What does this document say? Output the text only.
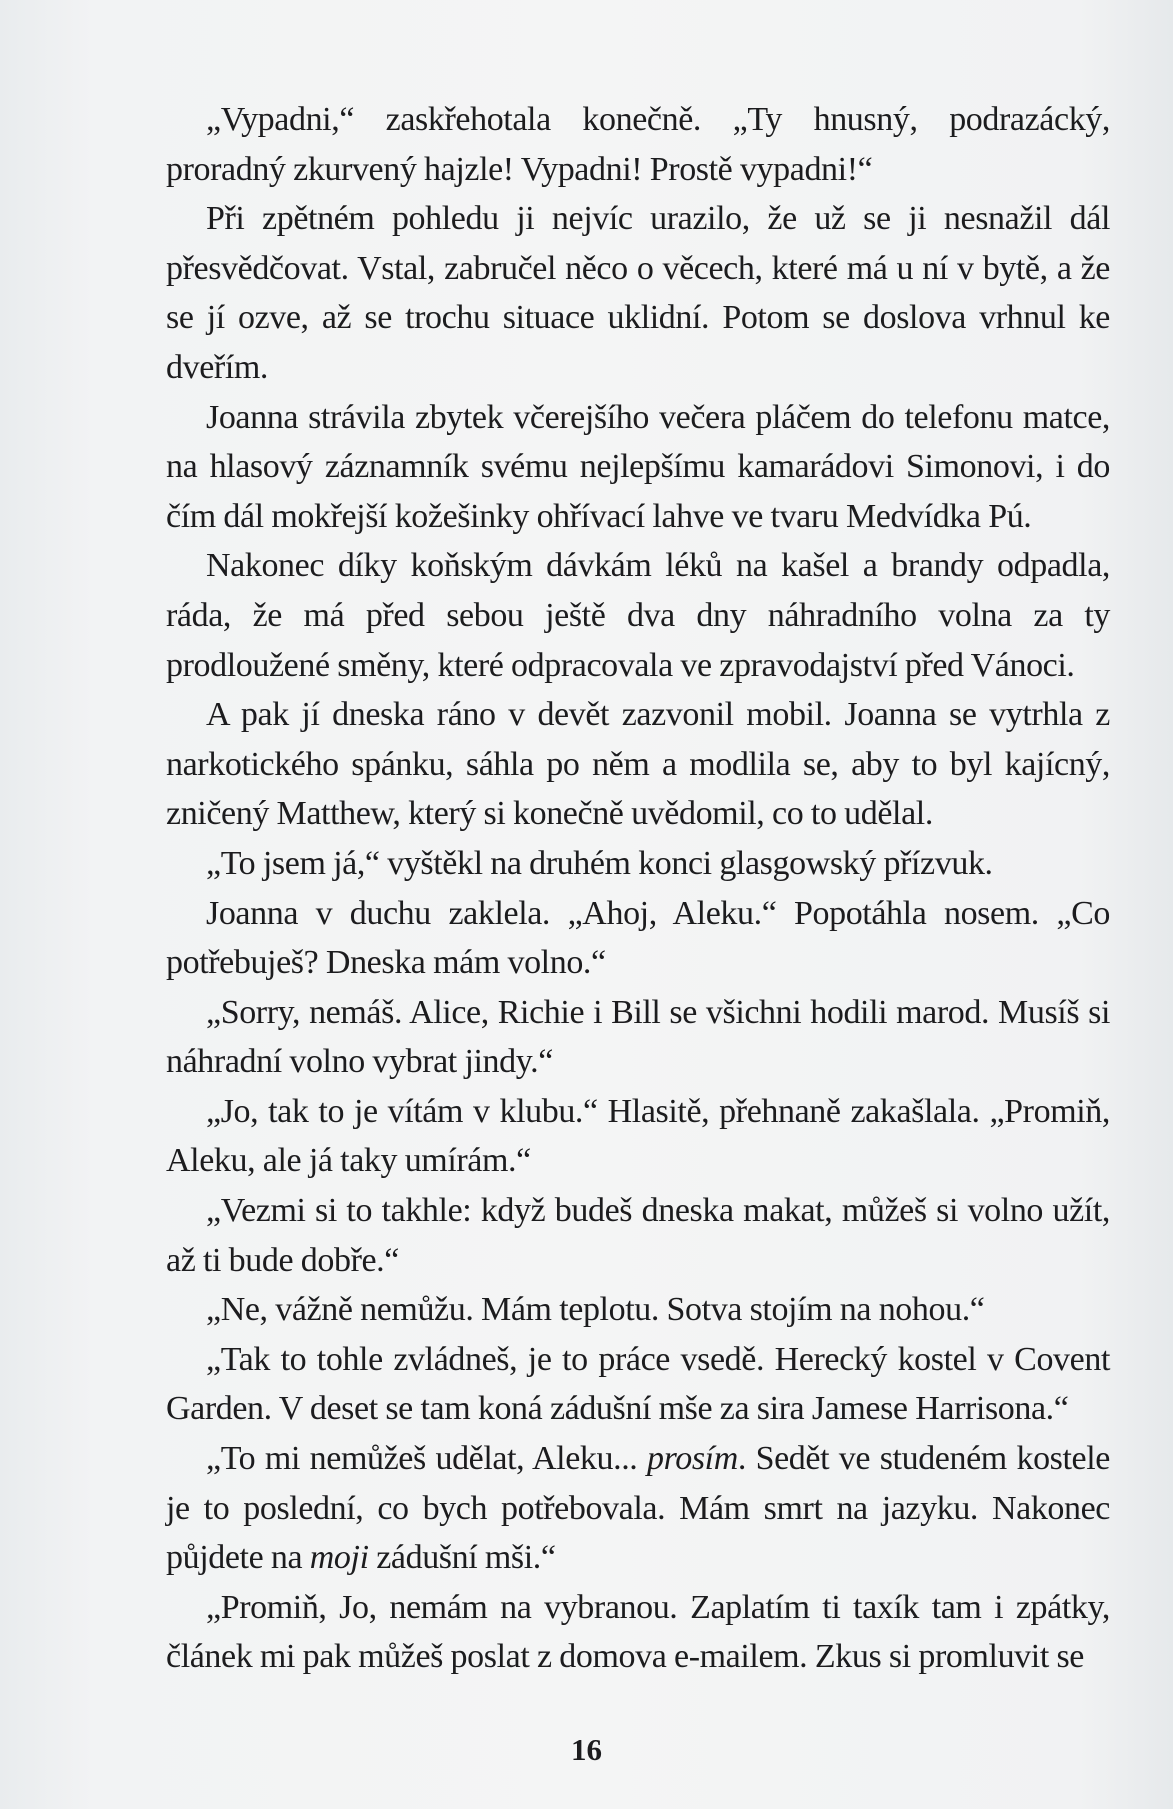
„Vypadni,“ zaskřehotala konečně. „Ty hnusný, podrazácký, proradný zkurvený hajzle! Vypadni! Prostě vypadni!“

Při zpětném pohledu ji nejvíc urazilo, že už se ji nesnažil dál přesvědčovat. Vstal, zabručel něco o věcech, které má u ní v bytě, a že se jí ozve, až se trochu situace uklidní. Potom se doslova vrhnul ke dveřím.

Joanna strávila zbytek včerejšího večera pláčem do telefonu matce, na hlasový záznamník svému nejlepšímu kamarádovi Simonovi, i do čím dál mokřejší kožešinky ohřívací lahve ve tvaru Medvídka Pú.

Nakonec díky koňským dávkám léků na kašel a brandy odpadla, ráda, že má před sebou ještě dva dny náhradního volna za ty prodloužené směny, které odpracovala ve zpravodajství před Vánoci.

A pak jí dneska ráno v devět zazvonil mobil. Joanna se vytrhla z narkotického spánku, sáhla po něm a modlila se, aby to byl kajícný, zničený Matthew, který si konečně uvědomil, co to udělal.

„To jsem já,“ vyštěkl na druhém konci glasgowský přízvuk.

Joanna v duchu zaklela. „Ahoj, Aleku.“ Popotáhla nosem. „Co potřebuješ? Dneska mám volno.“

„Sorry, nemáš. Alice, Richie i Bill se všichni hodili marod. Musíš si náhradní volno vybrat jindy.“

„Jo, tak to je vítám v klubu.“ Hlasitě, přehnaně zakašlala. „Promiň, Aleku, ale já taky umírám.“

„Vezmi si to takhle: když budeš dneska makat, můžeš si volno užít, až ti bude dobře.“

„Ne, vážně nemůžu. Mám teplotu. Sotva stojím na nohou.“

„Tak to tohle zvládneš, je to práce vsedě. Herecký kostel v Covent Garden. V deset se tam koná zádušní mše za sira Jamese Harrisona.“

„To mi nemůžeš udělat, Aleku... prosím. Sedět ve studeném kostele je to poslední, co bych potřebovala. Mám smrt na jazyku. Nakonec půjdete na moji zádušní mši.“

„Promiň, Jo, nemám na vybranou. Zaplatím ti taxík tam i zpátky, článek mi pak můžeš poslat z domova e-mailem. Zkus si promluvit se

16
